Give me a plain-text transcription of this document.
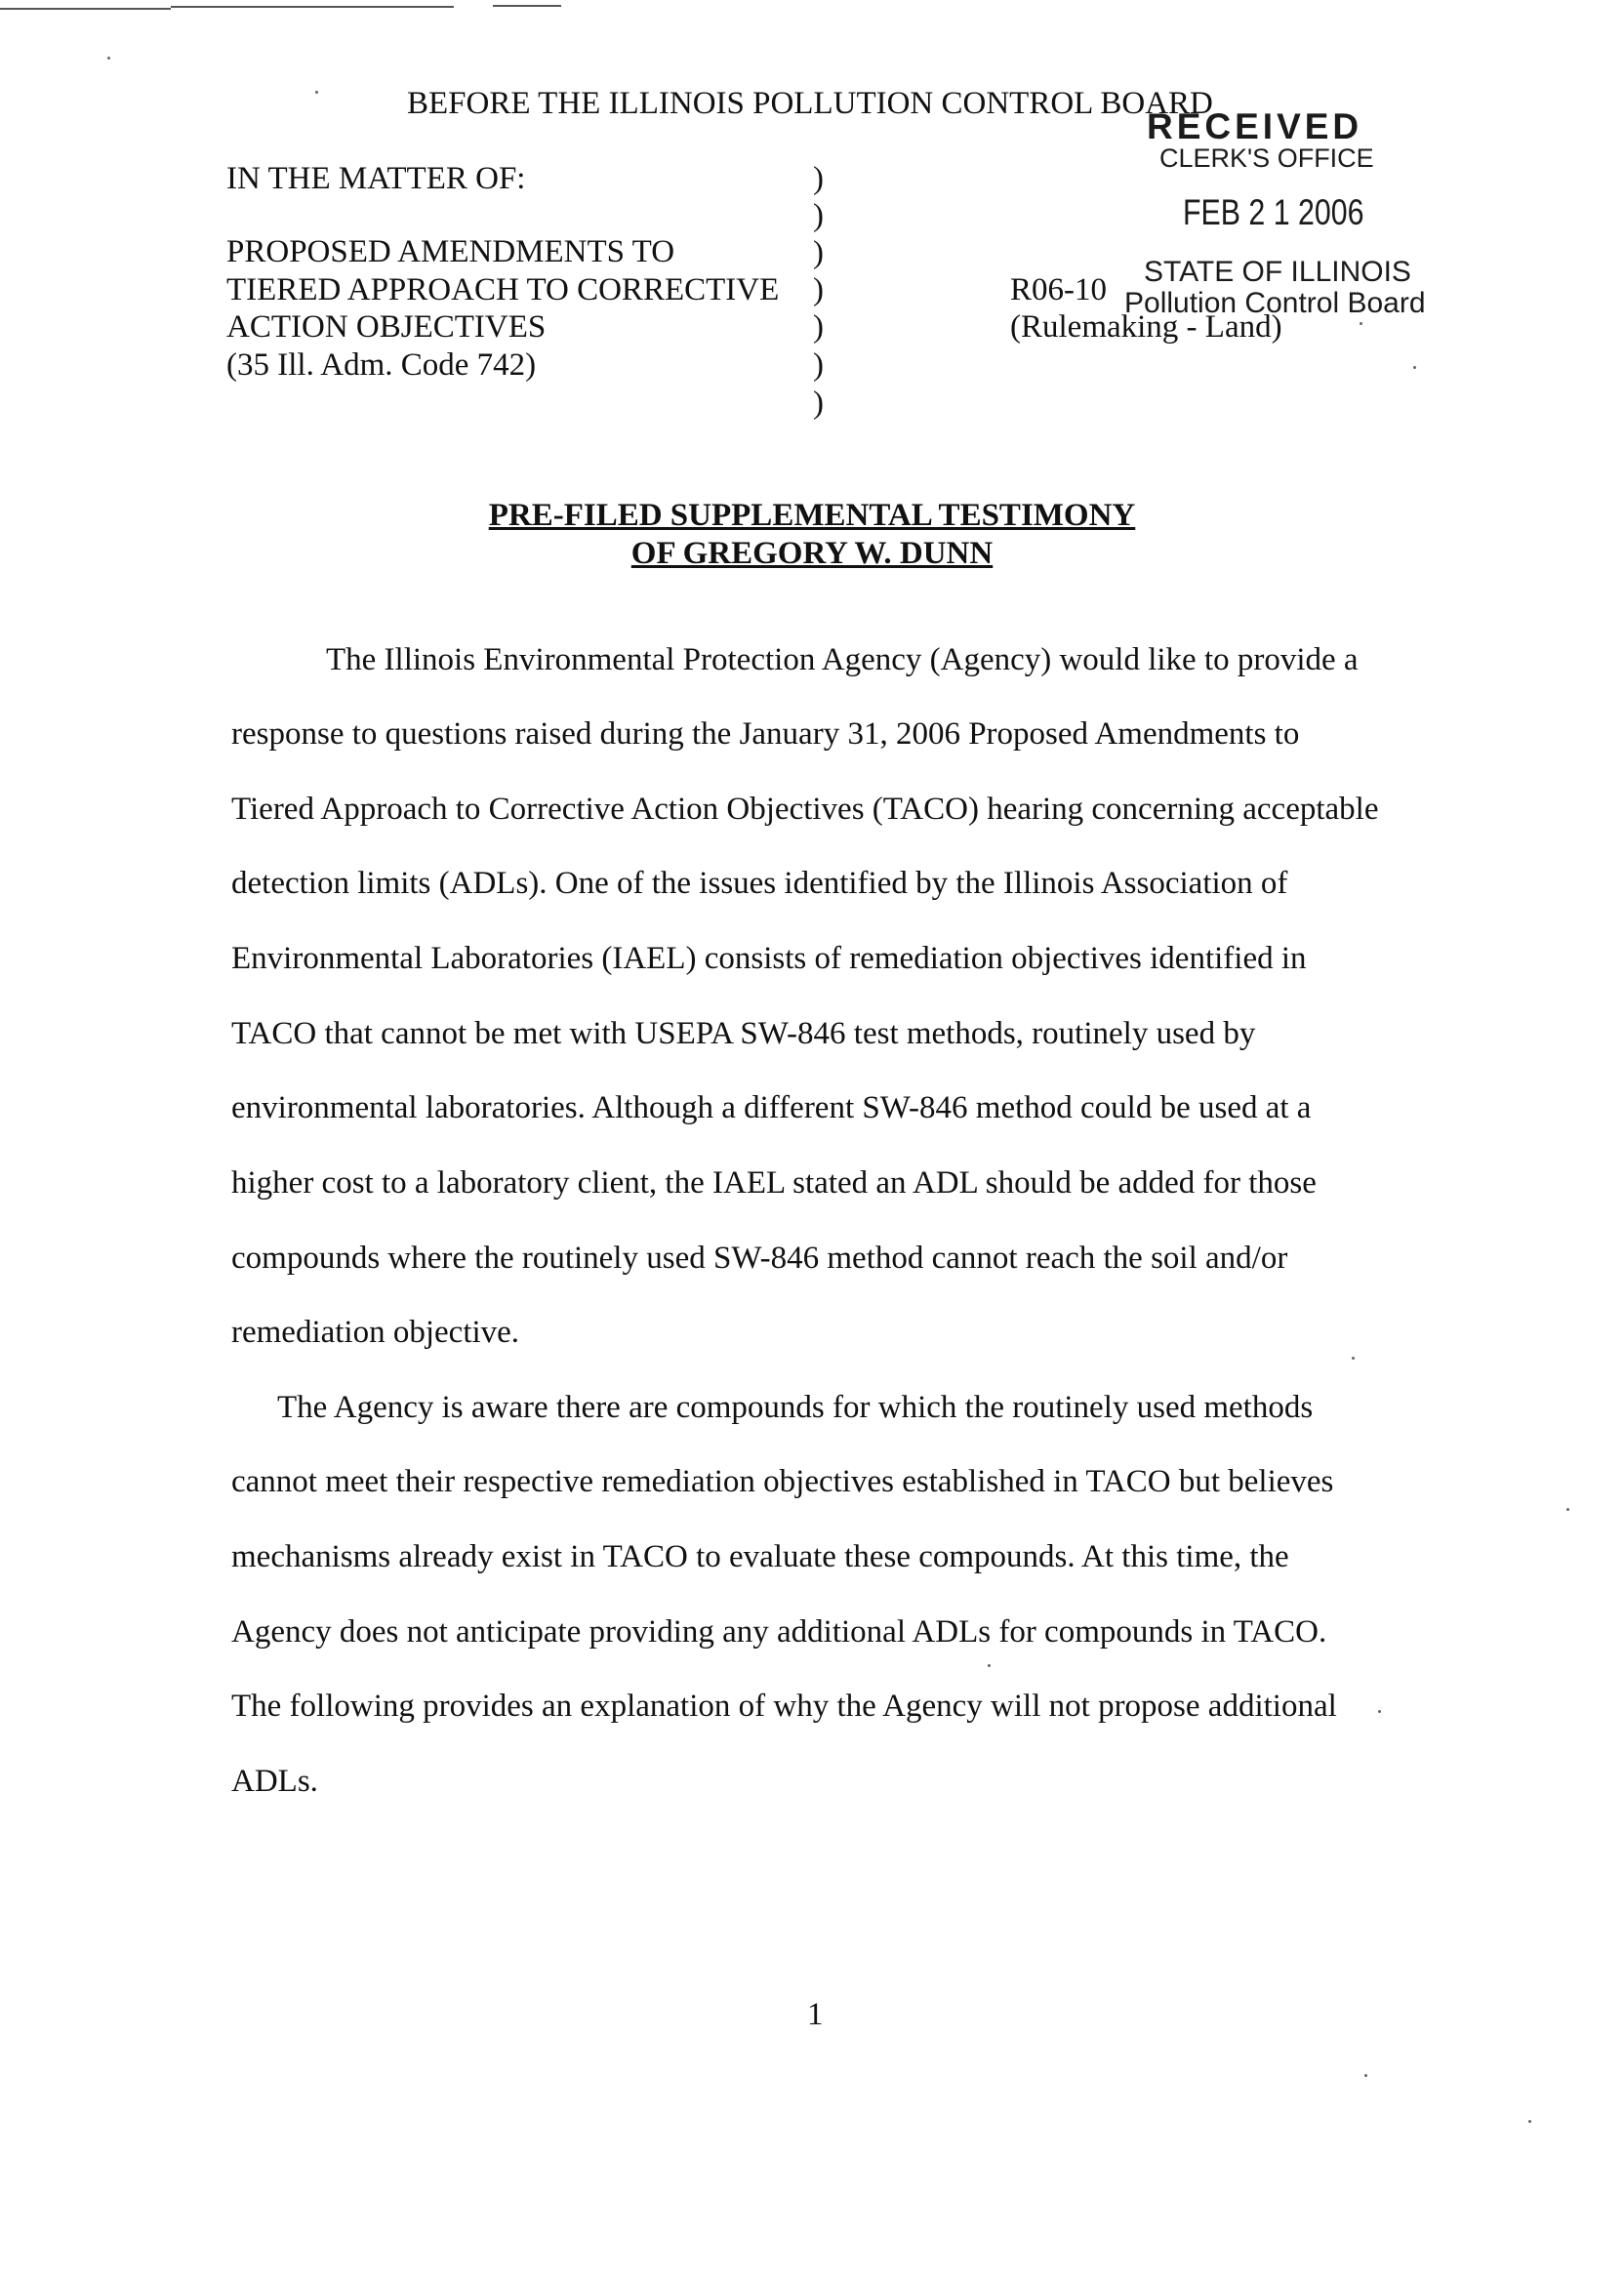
BEFORE THE ILLINOIS POLLUTION CONTROL BOARD
IN THE MATTER OF:
PROPOSED AMENDMENTS TO
TIERED APPROACH TO CORRECTIVE
ACTION OBJECTIVES
(35 Ill. Adm. Code 742)
)
)
)
)
)
)
)
R06-10
(Rulemaking - Land)
RECEIVED
CLERK'S OFFICE
FEB 2 1 2006
STATE OF ILLINOIS
Pollution Control Board
PRE-FILED SUPPLEMENTAL TESTIMONY
OF GREGORY W. DUNN
The Illinois Environmental Protection Agency (Agency) would like to provide a
response to questions raised during the January 31, 2006 Proposed Amendments to
Tiered Approach to Corrective Action Objectives (TACO) hearing concerning acceptable
detection limits (ADLs). One of the issues identified by the Illinois Association of
Environmental Laboratories (IAEL) consists of remediation objectives identified in
TACO that cannot be met with USEPA SW-846 test methods, routinely used by
environmental laboratories. Although a different SW-846 method could be used at a
higher cost to a laboratory client, the IAEL stated an ADL should be added for those
compounds where the routinely used SW-846 method cannot reach the soil and/or
remediation objective.
The Agency is aware there are compounds for which the routinely used methods
cannot meet their respective remediation objectives established in TACO but believes
mechanisms already exist in TACO to evaluate these compounds. At this time, the
Agency does not anticipate providing any additional ADLs for compounds in TACO.
The following provides an explanation of why the Agency will not propose additional
ADLs.
1
